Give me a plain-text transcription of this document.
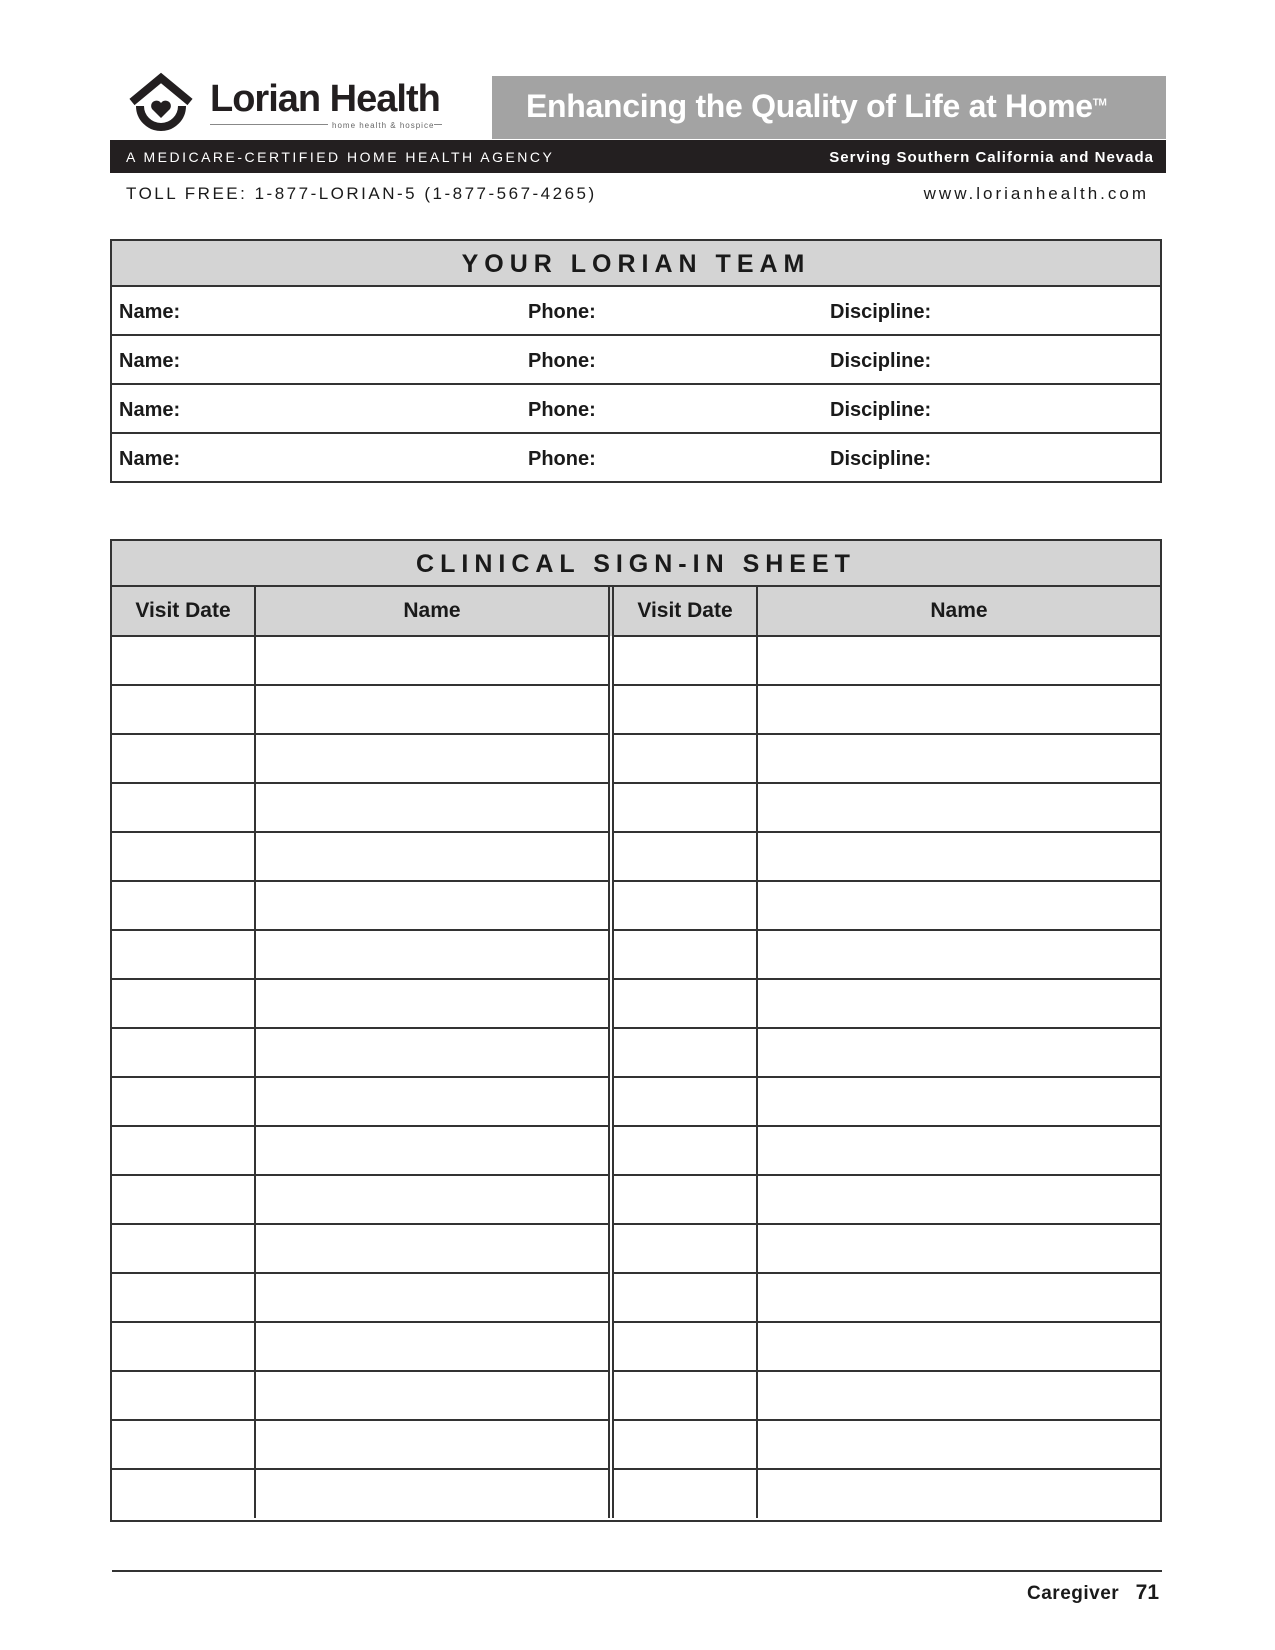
Lorian Health
home health & hospice
Enhancing the Quality of Life at Home™
A MEDICARE-CERTIFIED HOME HEALTH AGENCY	Serving Southern California and Nevada
TOLL FREE: 1-877-LORIAN-5 (1-877-567-4265)	www.lorianhealth.com
YOUR LORIAN TEAM
Name:	Phone:	Discipline:
Name:	Phone:	Discipline:
Name:	Phone:	Discipline:
Name:	Phone:	Discipline:
CLINICAL SIGN-IN SHEET
Visit Date	Name	Visit Date	Name

Caregiver 71
